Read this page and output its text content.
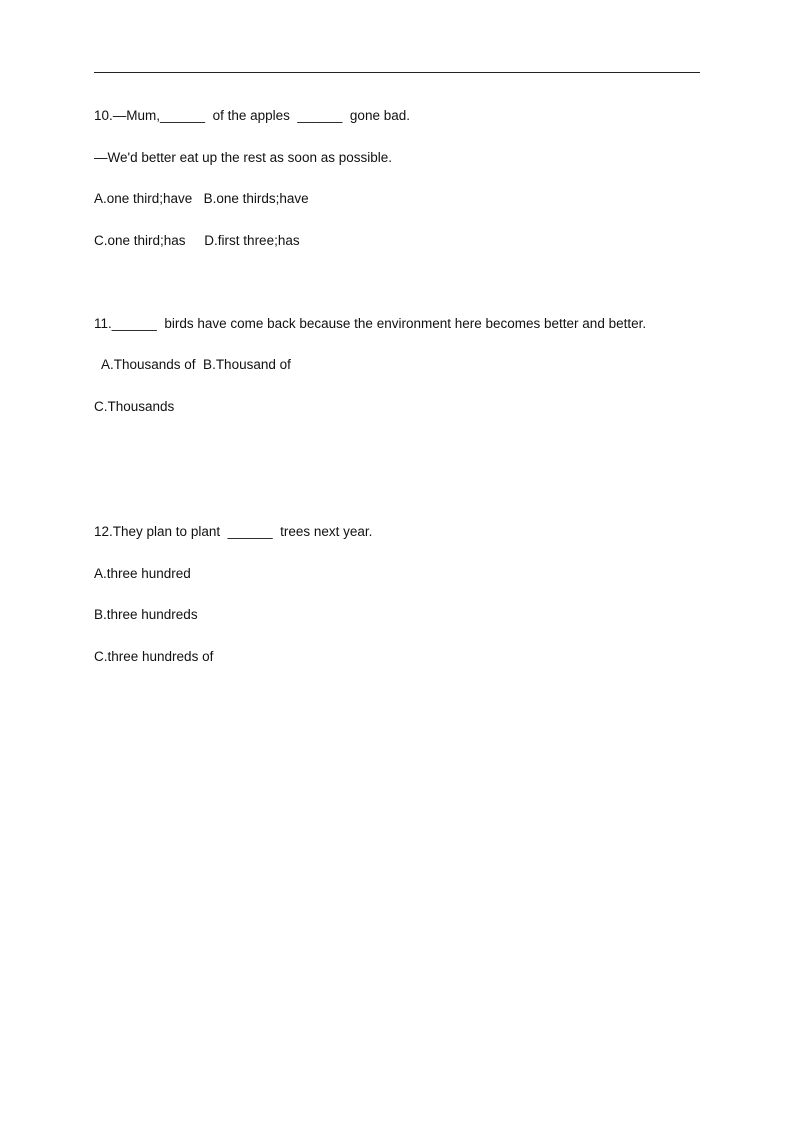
10.—Mum,______  of the apples  ______  gone bad.

—We'd better eat up the rest as soon as possible.

A.one third;have   B.one thirds;have

C.one third;has     D.first three;has

11.______  birds have come back because the environment here becomes better and better.

A.Thousands of  B.Thousand of

C.Thousands

12.They plan to plant  ______  trees next year.

A.three hundred

B.three hundreds

C.three hundreds of
